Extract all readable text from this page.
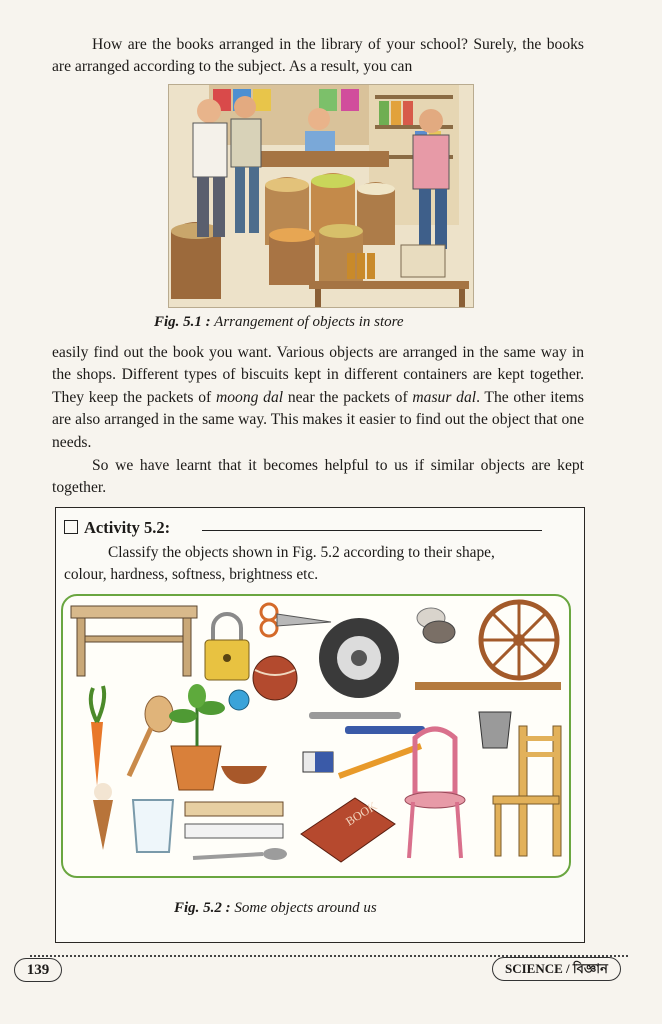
How are the books arranged in the library of your school? Surely, the books are arranged according to the subject. As a result, you can
Fig. 5.1 : Arrangement of objects in store
easily find out the book you want. Various objects are arranged in the same way in the shops. Different types of biscuits kept in different containers are kept together. They keep the packets of moong dal near the packets of masur dal. The other items are also arranged in the same way. This makes it easier to find out the object that one needs.
So we have learnt that it becomes helpful to us if similar objects are kept together.
Activity 5.2:
Classify the objects shown in Fig. 5.2 according to their shape,
colour, hardness, softness, brightness etc.
BOOK
Fig. 5.2 : Some objects around us
139	SCIENCE / বিজ্ঞান
